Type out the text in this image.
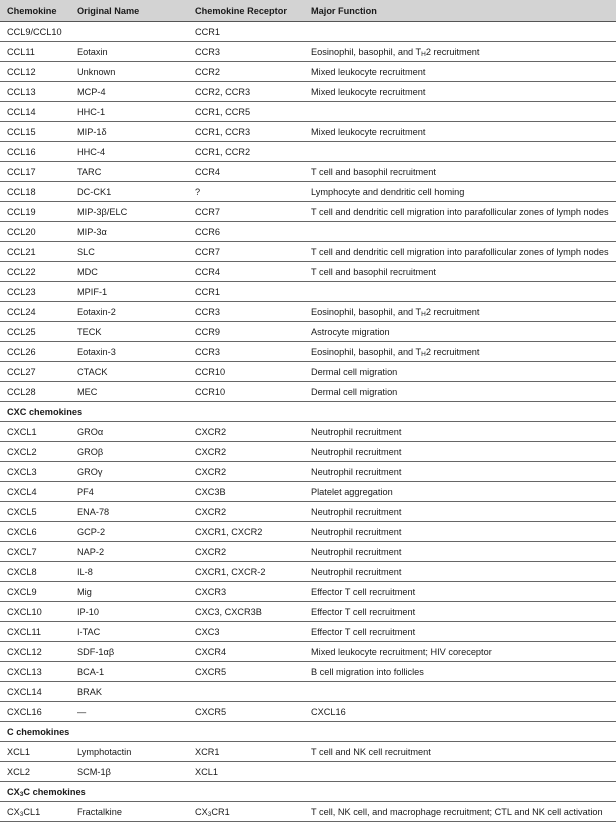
Chemokine	Original Name	Chemokine Receptor	Major Function
CCL9/CCL10		CCR1	
CCL11	Eotaxin	CCR3	Eosinophil, basophil, and $T_H2$ recruitment
CCL12	Unknown	CCR2	Mixed leukocyte recruitment
CCL13	MCP-4	CCR2, CCR3	Mixed leukocyte recruitment
CCL14	HHC-1	CCR1, CCR5	
CCL15	MIP-1δ	CCR1, CCR3	Mixed leukocyte recruitment
CCL16	HHC-4	CCR1, CCR2	
CCL17	TARC	CCR4	T cell and basophil recruitment
CCL18	DC-CK1	?	Lymphocyte and dendritic cell homing
CCL19	MIP-3β/ELC	CCR7	T cell and dendritic cell migration into parafollicular zones of lymph nodes
CCL20	MIP-3α	CCR6	
CCL21	SLC	CCR7	T cell and dendritic cell migration into parafollicular zones of lymph nodes
CCL22	MDC	CCR4	T cell and basophil recruitment
CCL23	MPIF-1	CCR1	
CCL24	Eotaxin-2	CCR3	Eosinophil, basophil, and $T_H2$ recruitment
CCL25	TECK	CCR9	Astrocyte migration
CCL26	Eotaxin-3	CCR3	Eosinophil, basophil, and $T_H2$ recruitment
CCL27	CTACK	CCR10	Dermal cell migration
CCL28	MEC	CCR10	Dermal cell migration
CXC chemokines			
CXCL1	GROα	CXCR2	Neutrophil recruitment
CXCL2	GROβ	CXCR2	Neutrophil recruitment
CXCL3	GROγ	CXCR2	Neutrophil recruitment
CXCL4	PF4	CXC3B	Platelet aggregation
CXCL5	ENA-78	CXCR2	Neutrophil recruitment
CXCL6	GCP-2	CXCR1, CXCR2	Neutrophil recruitment
CXCL7	NAP-2	CXCR2	Neutrophil recruitment
CXCL8	IL-8	CXCR1, CXCR-2	Neutrophil recruitment
CXCL9	Mig	CXCR3	Effector T cell recruitment
CXCL10	IP-10	CXC3, CXCR3B	Effector T cell recruitment
CXCL11	I-TAC	CXC3	Effector T cell recruitment
CXCL12	SDF-1αβ	CXCR4	Mixed leukocyte recruitment; HIV coreceptor
CXCL13	BCA-1	CXCR5	B cell migration into follicles
CXCL14	BRAK		
CXCL16	—	CXCR5	CXCL16
C chemokines			
XCL1	Lymphotactin	XCR1	T cell and NK cell recruitment
XCL2	SCM-1β	XCL1	
$CX_3C$ chemokines			
$CX_3CL1$	Fractalkine	$CX_3CR1$	T cell, NK cell, and macrophage recruitment; CTL and NK cell activation
